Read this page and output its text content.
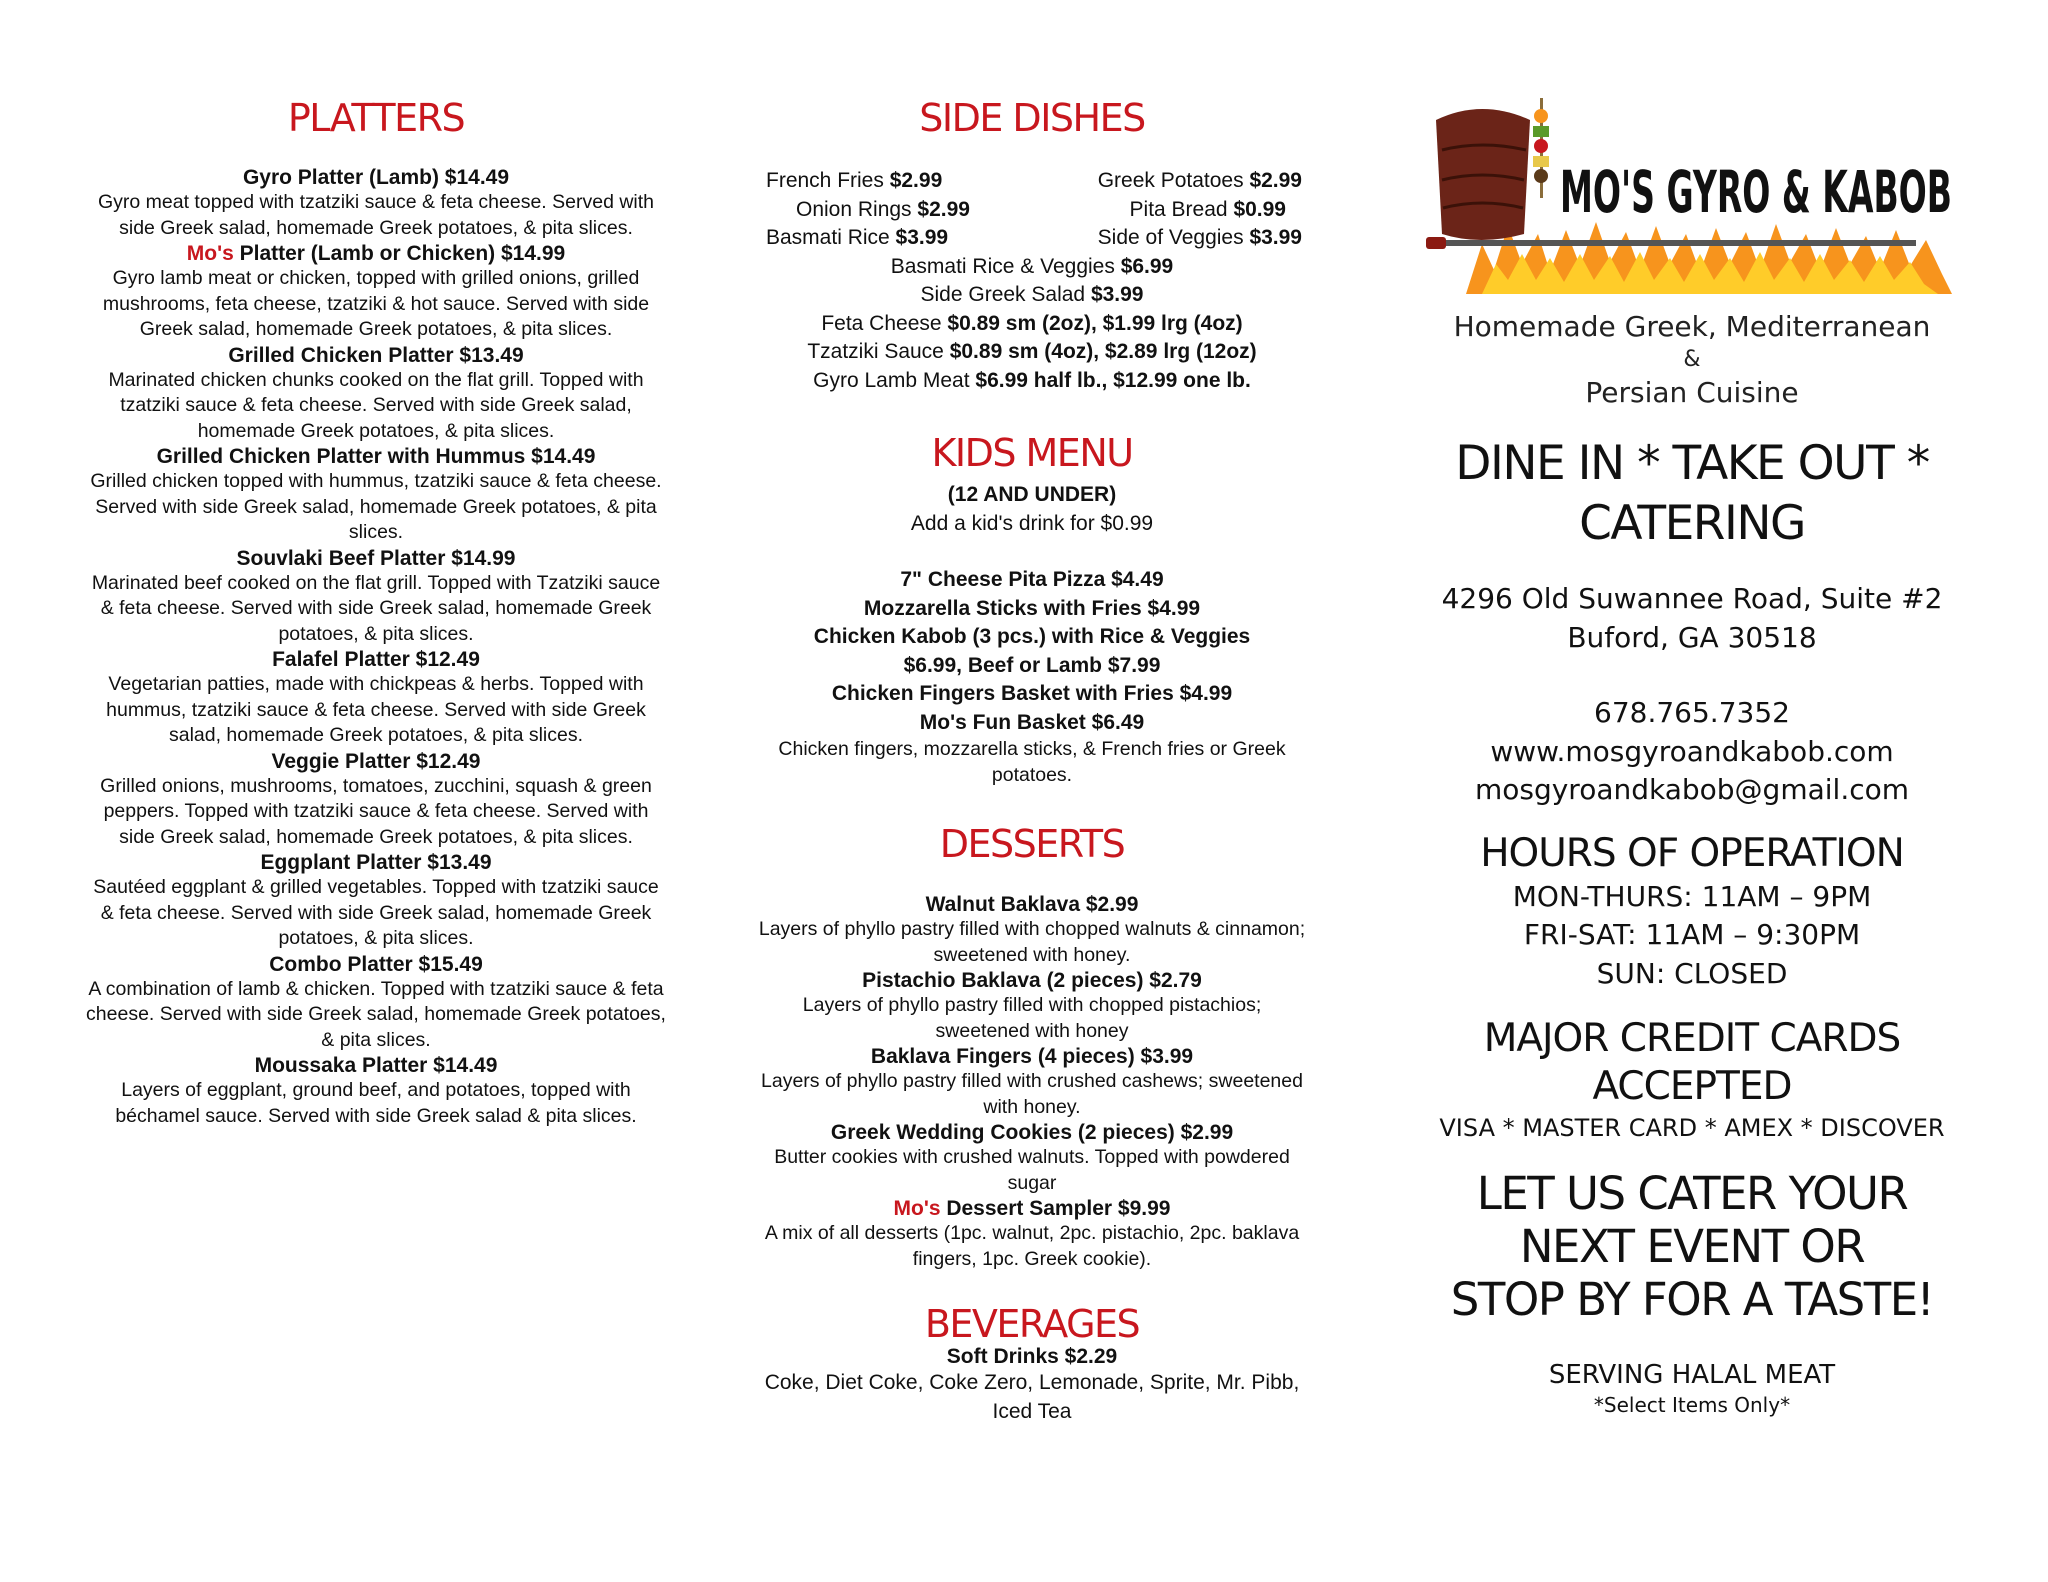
PLATTERS
Gyro Platter (Lamb) $14.49
Gyro meat topped with tzatziki sauce & feta cheese. Served with side Greek salad, homemade Greek potatoes, & pita slices.
Mo's Platter (Lamb or Chicken) $14.99
Gyro lamb meat or chicken, topped with grilled onions, grilled mushrooms, feta cheese, tzatziki & hot sauce. Served with side Greek salad, homemade Greek potatoes, & pita slices.
Grilled Chicken Platter $13.49
Marinated chicken chunks cooked on the flat grill. Topped with tzatziki sauce & feta cheese. Served with side Greek salad, homemade Greek potatoes, & pita slices.
Grilled Chicken Platter with Hummus $14.49
Grilled chicken topped with hummus, tzatziki sauce & feta cheese. Served with side Greek salad, homemade Greek potatoes, & pita slices.
Souvlaki Beef Platter $14.99
Marinated beef cooked on the flat grill. Topped with Tzatziki sauce & feta cheese. Served with side Greek salad, homemade Greek potatoes, & pita slices.
Falafel Platter $12.49
Vegetarian patties, made with chickpeas & herbs. Topped with hummus, tzatziki sauce & feta cheese. Served with side Greek salad, homemade Greek potatoes, & pita slices.
Veggie Platter $12.49
Grilled onions, mushrooms, tomatoes, zucchini, squash & green peppers. Topped with tzatziki sauce & feta cheese. Served with side Greek salad, homemade Greek potatoes, & pita slices.
Eggplant Platter $13.49
Sautéed eggplant & grilled vegetables. Topped with tzatziki sauce & feta cheese. Served with side Greek salad, homemade Greek potatoes, & pita slices.
Combo Platter $15.49
A combination of lamb & chicken. Topped with tzatziki sauce & feta cheese. Served with side Greek salad, homemade Greek potatoes, & pita slices.
Moussaka Platter $14.49
Layers of eggplant, ground beef, and potatoes, topped with béchamel sauce. Served with side Greek salad & pita slices.
SIDE DISHES
French Fries $2.99	Greek Potatoes $2.99
Onion Rings $2.99	Pita Bread $0.99
Basmati Rice $3.99	Side of Veggies $3.99
Basmati Rice & Veggies $6.99
Side Greek Salad $3.99
Feta Cheese $0.89 sm (2oz), $1.99 lrg (4oz)
Tzatziki Sauce $0.89 sm (4oz), $2.89 lrg (12oz)
Gyro Lamb Meat $6.99 half lb., $12.99 one lb.
KIDS MENU
(12 AND UNDER)
Add a kid's drink for $0.99
7" Cheese Pita Pizza $4.49
Mozzarella Sticks with Fries $4.99
Chicken Kabob (3 pcs.) with Rice & Veggies
$6.99, Beef or Lamb $7.99
Chicken Fingers Basket with Fries $4.99
Mo's Fun Basket $6.49
Chicken fingers, mozzarella sticks, & French fries or Greek potatoes.
DESSERTS
Walnut Baklava $2.99
Layers of phyllo pastry filled with chopped walnuts & cinnamon; sweetened with honey.
Pistachio Baklava (2 pieces) $2.79
Layers of phyllo pastry filled with chopped pistachios; sweetened with honey
Baklava Fingers (4 pieces) $3.99
Layers of phyllo pastry filled with crushed cashews; sweetened with honey.
Greek Wedding Cookies (2 pieces) $2.99
Butter cookies with crushed walnuts. Topped with powdered sugar
Mo's Dessert Sampler $9.99
A mix of all desserts (1pc. walnut, 2pc. pistachio, 2pc. baklava fingers, 1pc. Greek cookie).
BEVERAGES
Soft Drinks $2.29
Coke, Diet Coke, Coke Zero, Lemonade, Sprite, Mr. Pibb, Iced Tea
MO'S GYRO & KABOB
Homemade Greek, Mediterranean
&
Persian Cuisine
DINE IN * TAKE OUT *
CATERING
4296 Old Suwannee Road, Suite #2
Buford, GA 30518
678.765.7352
www.mosgyroandkabob.com
mosgyroandkabob@gmail.com
HOURS OF OPERATION
MON-THURS: 11AM – 9PM
FRI-SAT: 11AM – 9:30PM
SUN: CLOSED
MAJOR CREDIT CARDS
ACCEPTED
VISA * MASTER CARD * AMEX * DISCOVER
LET US CATER YOUR
NEXT EVENT OR
STOP BY FOR A TASTE!
SERVING HALAL MEAT
*Select Items Only*
